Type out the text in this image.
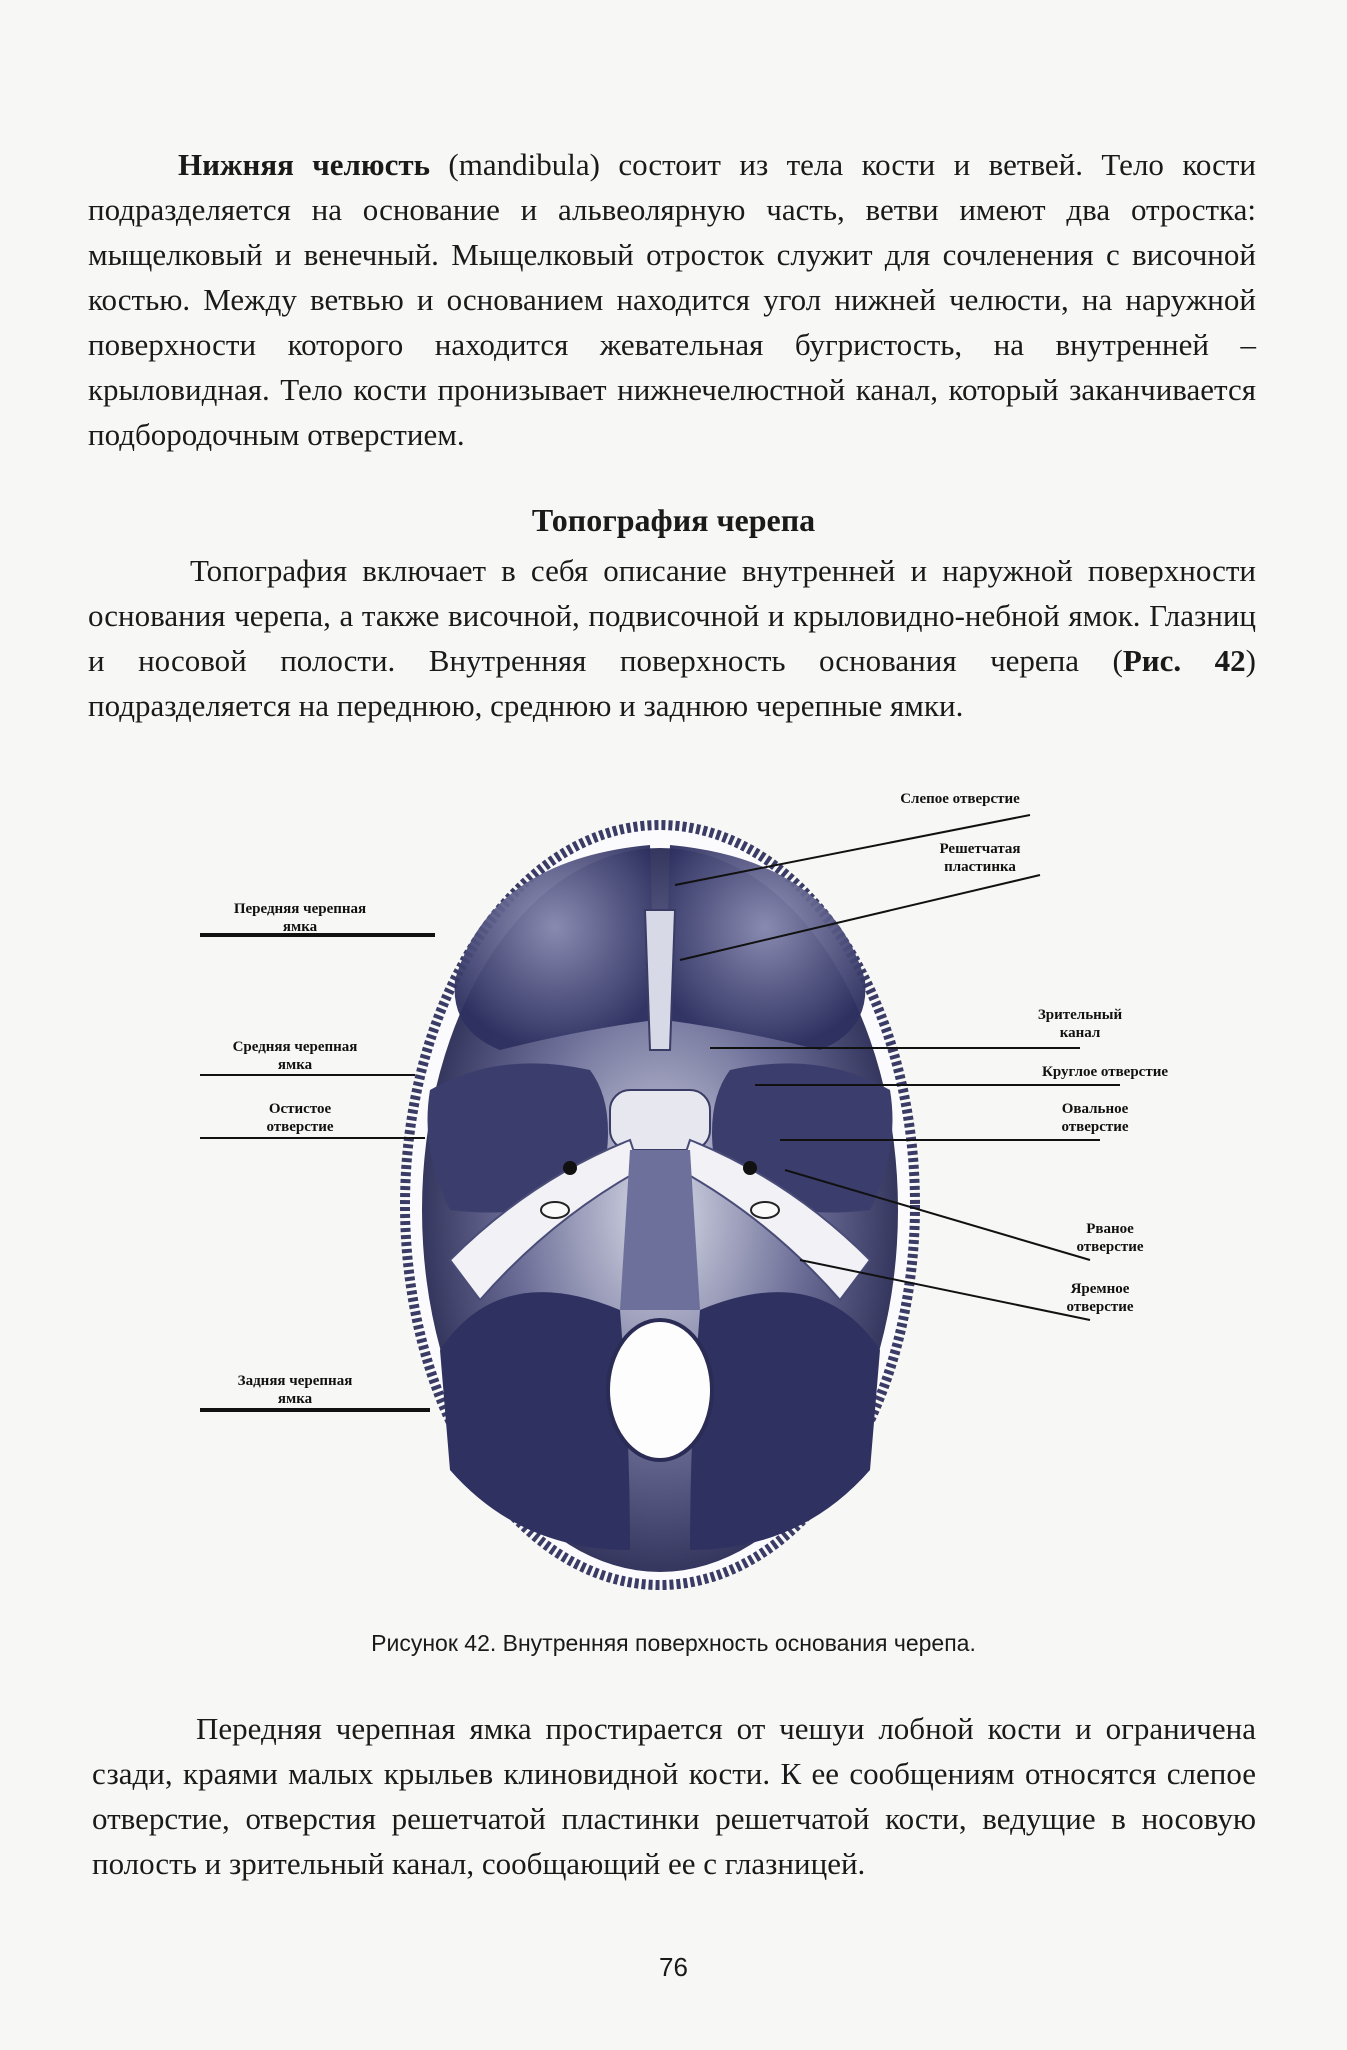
Нижняя челюсть (mandibula) состоит из тела кости и ветвей. Тело кости подразделяется на основание и альвеолярную часть, ветви имеют два отростка: мыщелковый и венечный. Мыщелковый отросток служит для сочленения с височной костью. Между ветвью и основанием находится угол нижней челюсти, на наружной поверхности которого находится жевательная бугристость, на внутренней – крыловидная. Тело кости пронизывает нижнечелюстной канал, который заканчивается подбородочным отверстием.
Топография черепа
Топография включает в себя описание внутренней и наружной поверхности основания черепа, а также височной, подвисочной и крыловидно-небной ямок. Глазниц и носовой полости. Внутренняя поверхность основания черепа (Рис. 42) подразделяется на переднюю, среднюю и заднюю черепные ямки.
Передняя черепная ямка
Средняя черепная ямка
Остистое отверстие
Задняя черепная ямка
Слепое отверстие
Решетчатая пластинка
Зрительный канал
Круглое отверстие
Овальное отверстие
Рваное отверстие
Яремное отверстие
Рисунок 42. Внутренняя поверхность основания черепа.
Передняя черепная ямка простирается от чешуи лобной кости и ограничена сзади, краями малых крыльев клиновидной кости. К ее сообщениям относятся слепое отверстие, отверстия решетчатой пластинки решетчатой кости, ведущие в носовую полость и зрительный канал, сообщающий ее с глазницей.
76
